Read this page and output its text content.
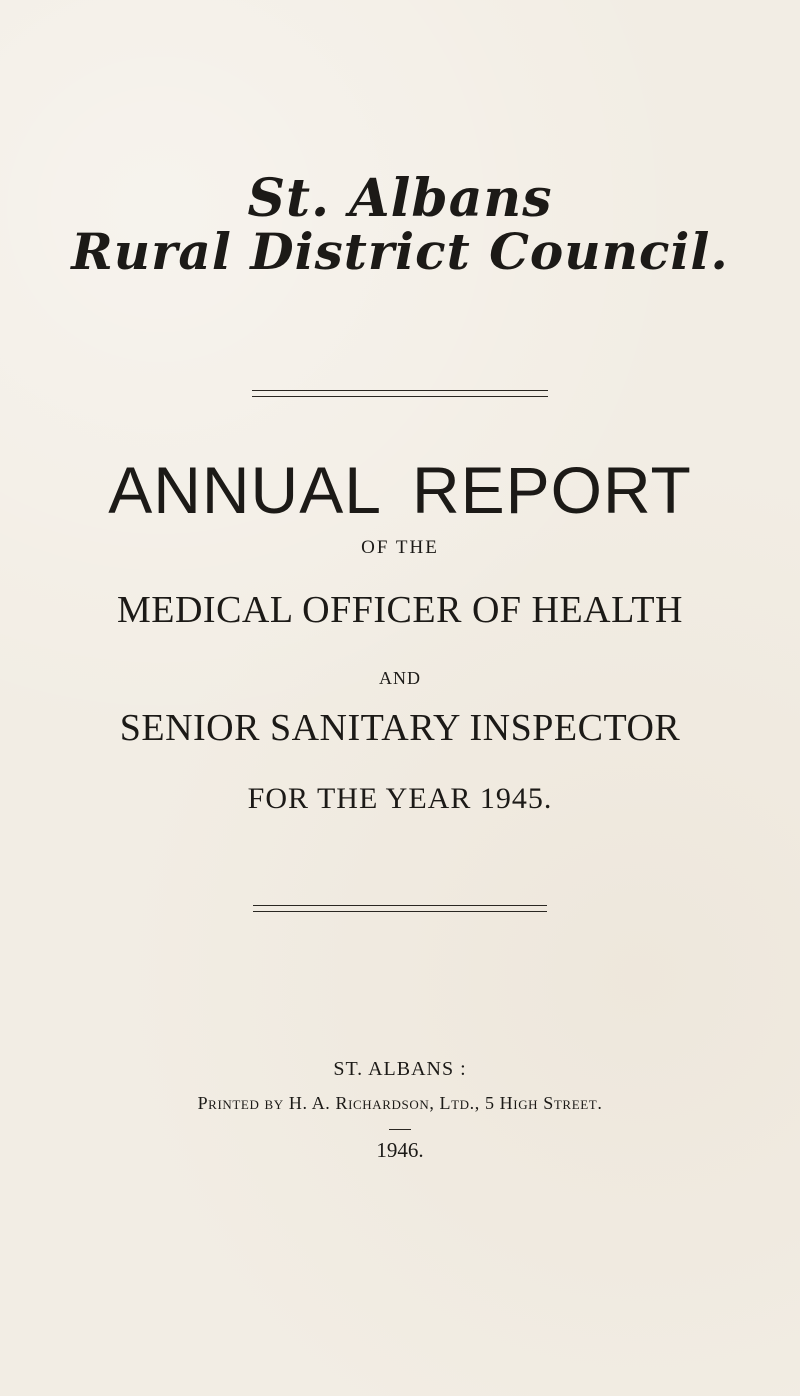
St. Albans
Rural District Council.
ANNUAL REPORT
OF THE
MEDICAL OFFICER OF HEALTH
AND
SENIOR SANITARY INSPECTOR
FOR THE YEAR 1945.
ST. ALBANS :
Printed by H. A. Richardson, Ltd., 5 High Street.
1946.
